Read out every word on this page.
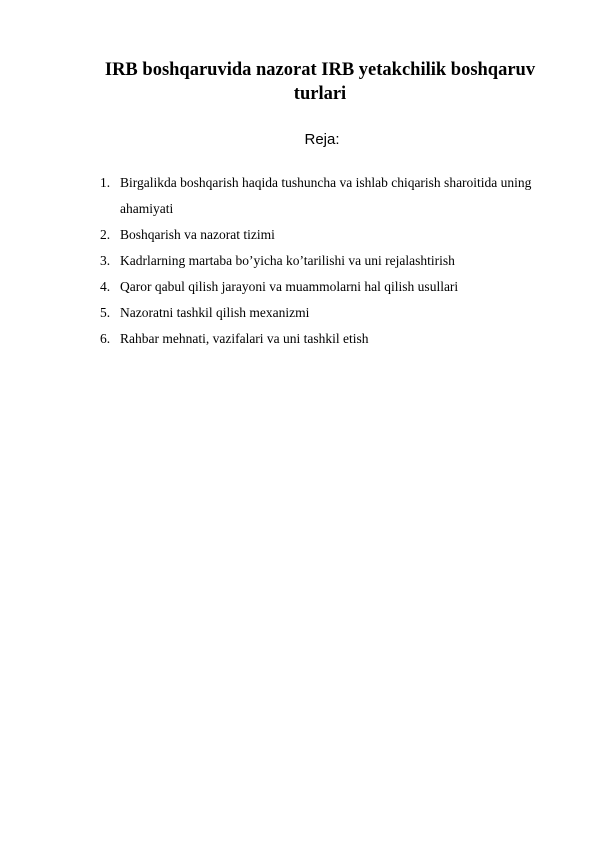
IRB boshqaruvida nazorat IRB yetakchilik boshqaruv turlari

Reja:

1. Birgalikda boshqarish haqida tushuncha va ishlab chiqarish sharoitida uning ahamiyati
2. Boshqarish va nazorat tizimi
3. Kadrlarning martaba bo’yicha ko’tarilishi va uni rejalashtirish
4. Qaror qabul qilish jarayoni va muammolarni hal qilish usullari
5. Nazoratni tashkil qilish mexanizmi
6. Rahbar mehnati, vazifalari va uni tashkil etish
